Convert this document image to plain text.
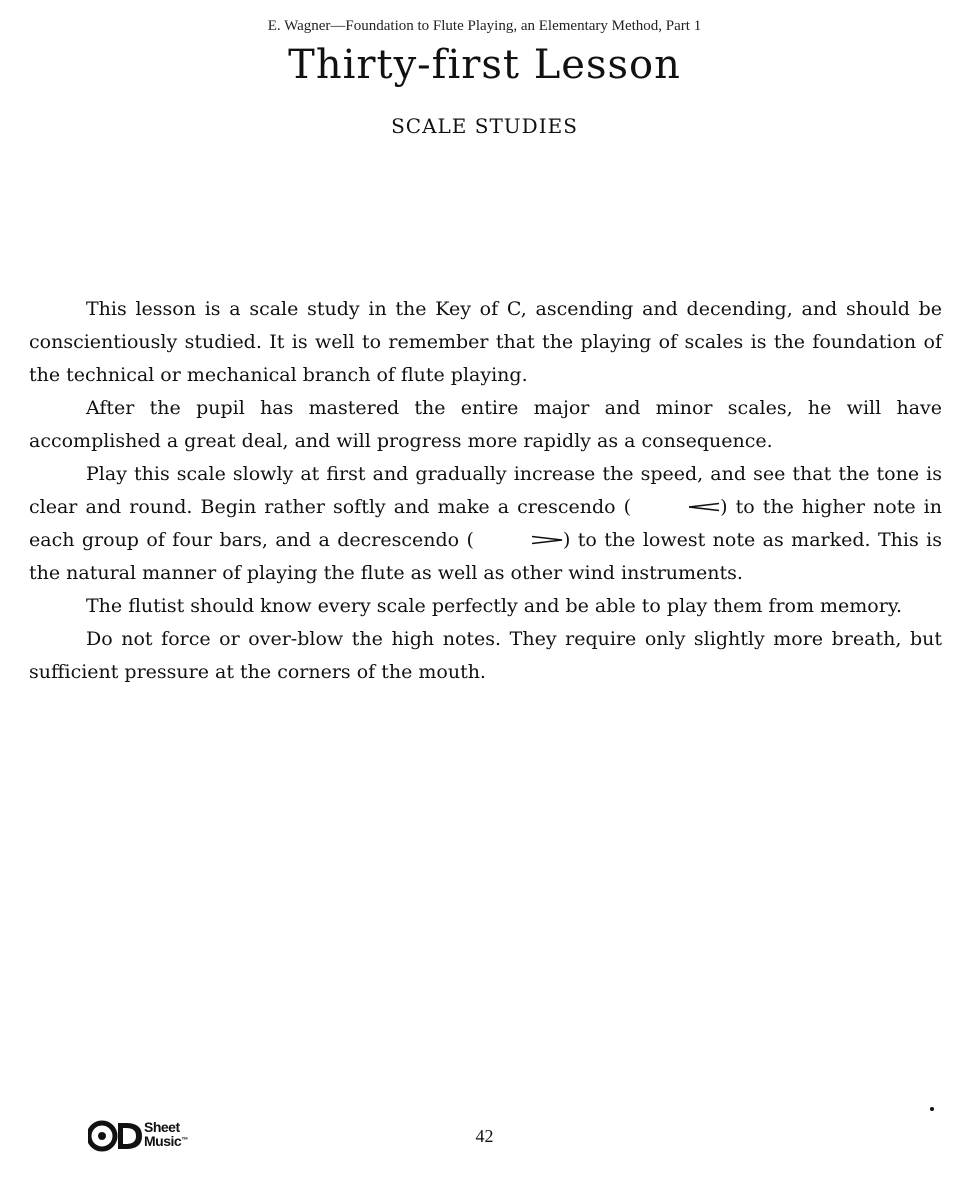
E. Wagner—Foundation to Flute Playing, an Elementary Method, Part 1
Thirty-first Lesson
SCALE STUDIES

This lesson is a scale study in the Key of C, ascending and decending, and should be conscientiously studied. It is well to remember that the playing of scales is the foundation of the technical or mechanical branch of flute playing.

After the pupil has mastered the entire major and minor scales, he will have accomplished a great deal, and will progress more rapidly as a consequence.

Play this scale slowly at first and gradually increase the speed, and see that the tone is clear and round. Begin rather softly and make a crescendo (	) to the higher note in each group of four bars, and a decrescendo (	) to the lowest note as marked. This is the natural manner of playing the flute as well as other wind instruments.

The flutist should know every scale perfectly and be able to play them from memory.

Do not force or over-blow the high notes. They require only slightly more breath, but sufficient pressure at the corners of the mouth.

Sheet
Music™	42
